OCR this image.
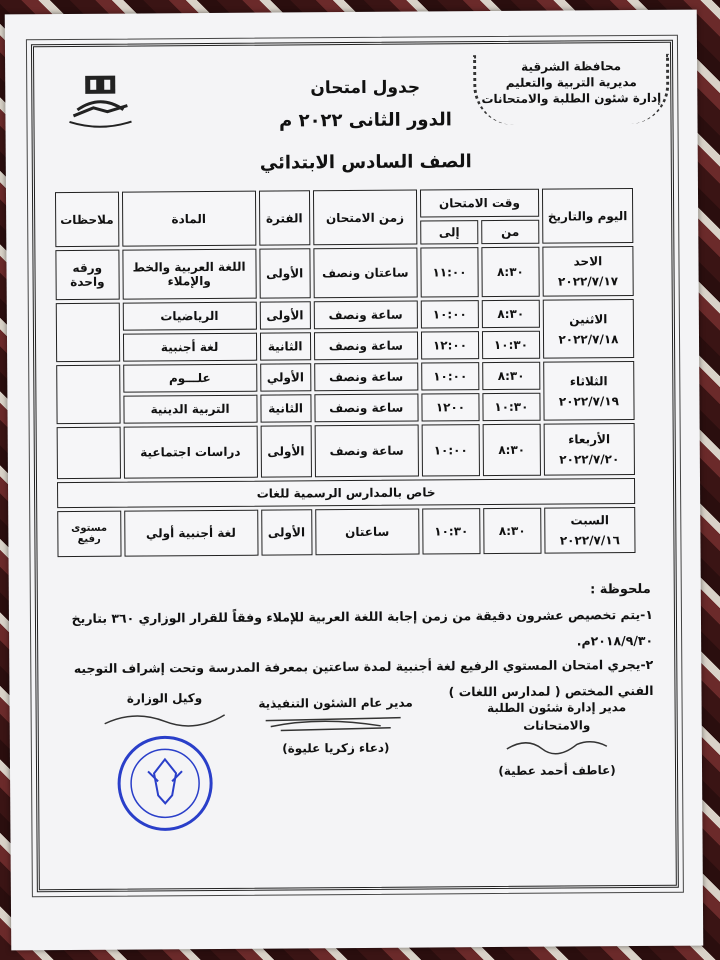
محافظة الشرقية
مديرية التربية والتعليم
إدارة شئون الطلبة والامتحانات
جدول امتحان
الدور الثانى ٢٠٢٢ م
الصف السادس الابتدائي
اليوم والتاريخ	وقت الامتحان		زمن الامتحان	الفترة	المادة	ملاحظات
	من	إلى				

الاحد
٢٠٢٢/٧/١٧	٨:٣٠	١١:٠٠	ساعتان ونصف	الأولى	اللغة العربية والخط والإملاء	ورقه واحدة

الاثنين
٢٠٢٢/٧/١٨	٨:٣٠	١٠:٠٠	ساعة ونصف	الأولى	الرياضيات	
	١٠:٣٠	١٢:٠٠	ساعة ونصف	الثانية	لغة أجنبية	

الثلاثاء
٢٠٢٢/٧/١٩	٨:٣٠	١٠:٠٠	ساعة ونصف	الأولي	علـــوم	
	١٠:٣٠	١٢٠٠	ساعة ونصف	الثانية	التربية الدينية	

الأربعاء
٢٠٢٢/٧/٢٠	٨:٣٠	١٠:٠٠	ساعة ونصف	الأولى	دراسات اجتماعية	
خاص بالمدارس الرسمية للغات						

السبت
٢٠٢٢/٧/١٦	٨:٣٠	١٠:٣٠	ساعتان	الأولى	لغة أجنبية أولي	مستوى رفيع
ملحوظة :
١-يتم تخصيص عشرون دقيقة من زمن إجابة اللغة العربية للإملاء وفقاً للقرار الوزاري ٣٦٠ بتاريخ ٢٠١٨/٩/٣٠م.
٢-يجري امتحان المستوي الرفيع لغة أجنبية لمدة ساعتين بمعرفة المدرسة وتحت إشراف التوجيه الفني المختص ( لمدارس اللغات )
مدير إدارة شئون الطلبة والامتحانات
(عاطف أحمد عطية)
مدير عام الشئون التنفيذية
(دعاء زكريا عليوة)
وكيل الوزارة
